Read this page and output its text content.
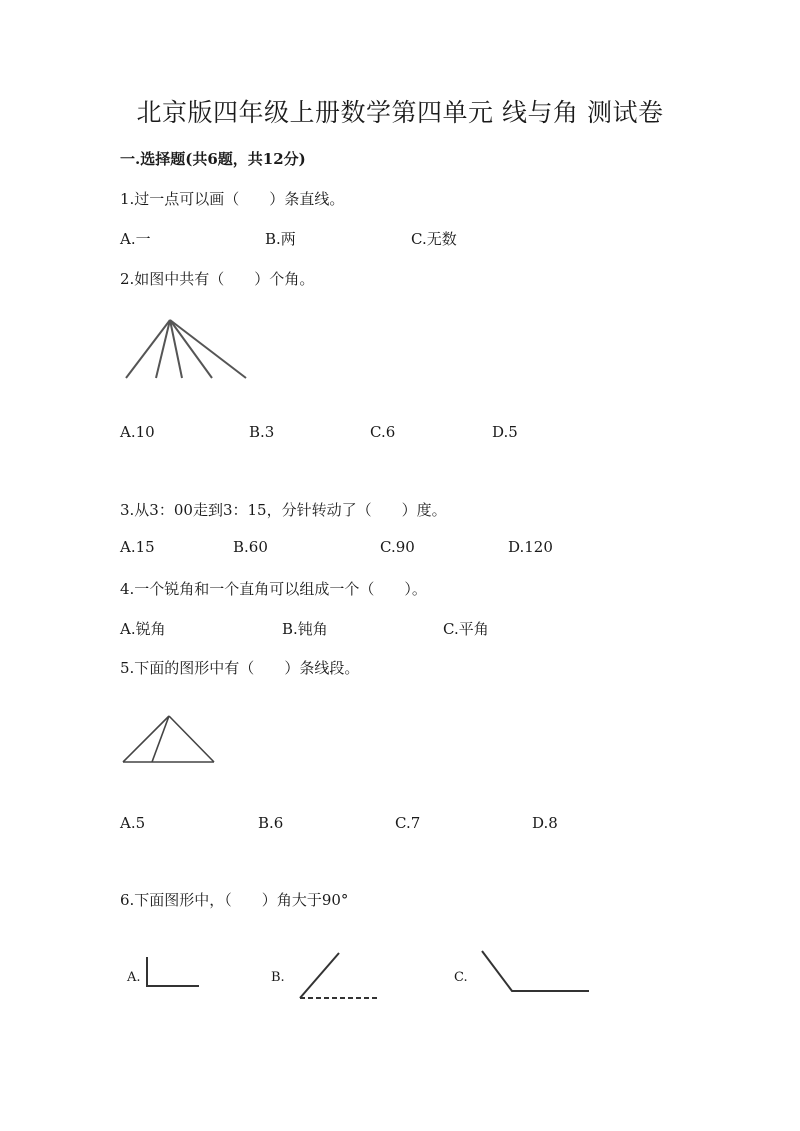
北京版四年级上册数学第四单元 线与角 测试卷
一.选择题(共6题，共12分)
1.过一点可以画（　　）条直线。
A.一	B.两	C.无数
2.如图中共有（　　）个角。
A.10	B.3	C.6	D.5
3.从3：00走到3：15，分针转动了（　　）度。
A.15	B.60	C.90	D.120
4.一个锐角和一个直角可以组成一个（　　）。
A.锐角	B.钝角	C.平角
5.下面的图形中有（　　）条线段。
A.5	B.6	C.7	D.8
6.下面图形中，（　　）角大于90°
A.	B.	C.
